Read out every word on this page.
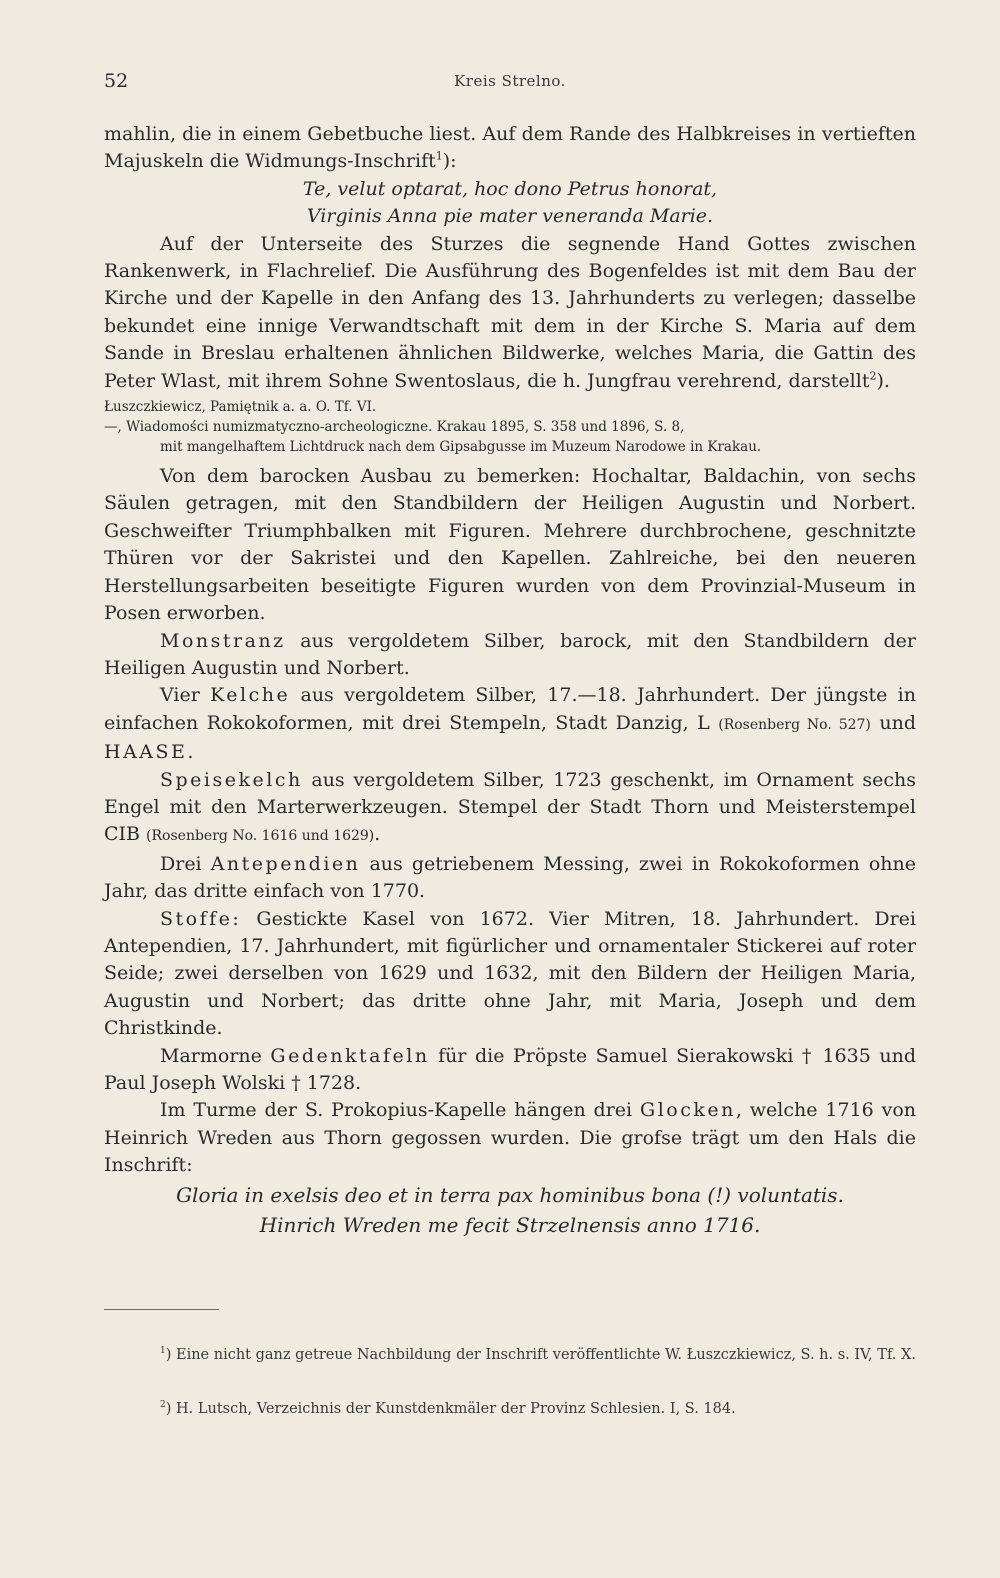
52	Kreis Strelno.

mahlin, die in einem Gebetbuche liest. Auf dem Rande des Halbkreises in vertieften Majuskeln die Widmungs-Inschrift$^1$):

Te, velut optarat, hoc dono Petrus honorat,

Virginis Anna pie mater veneranda Marie.

Auf der Unterseite des Sturzes die segnende Hand Gottes zwischen Rankenwerk, in Flachrelief. Die Ausführung des Bogenfeldes ist mit dem Bau der Kirche und der Kapelle in den Anfang des 13. Jahrhunderts zu verlegen; dasselbe bekundet eine innige Verwandtschaft mit dem in der Kirche S. Maria auf dem Sande in Breslau erhaltenen ähnlichen Bildwerke, welches Maria, die Gattin des Peter Wlast, mit ihrem Sohne Swentoslaus, die h. Jungfrau verehrend, darstellt$^2$).

Łuszczkiewicz, Pamiętnik a. a. O. Tf. VI.

—, Wiadomości numizmatyczno-archeologiczne. Krakau 1895, S. 358 und 1896, S. 8,
mit mangelhaftem Lichtdruck nach dem Gipsabgusse im Muzeum Narodowe in Krakau.

Von dem barocken Ausbau zu bemerken: Hochaltar, Baldachin, von sechs Säulen getragen, mit den Standbildern der Heiligen Augustin und Norbert. Geschweifter Triumphbalken mit Figuren. Mehrere durchbrochene, geschnitzte Thüren vor der Sakristei und den Kapellen. Zahlreiche, bei den neueren Herstellungsarbeiten beseitigte Figuren wurden von dem Provinzial-Museum in Posen erworben.

Monstranz aus vergoldetem Silber, barock, mit den Standbildern der Heiligen Augustin und Norbert.

Vier Kelche aus vergoldetem Silber, 17.—18. Jahrhundert. Der jüngste in einfachen Rokokoformen, mit drei Stempeln, Stadt Danzig, L (Rosenberg No. 527) und HAASE.

Speisekelch aus vergoldetem Silber, 1723 geschenkt, im Ornament sechs Engel mit den Marterwerkzeugen. Stempel der Stadt Thorn und Meisterstempel CIB (Rosenberg No. 1616 und 1629).

Drei Antependien aus getriebenem Messing, zwei in Rokokoformen ohne Jahr, das dritte einfach von 1770.

Stoffe: Gestickte Kasel von 1672. Vier Mitren, 18. Jahrhundert. Drei Antependien, 17. Jahrhundert, mit figürlicher und ornamentaler Stickerei auf roter Seide; zwei derselben von 1629 und 1632, mit den Bildern der Heiligen Maria, Augustin und Norbert; das dritte ohne Jahr, mit Maria, Joseph und dem Christkinde.

Marmorne Gedenktafeln für die Pröpste Samuel Sierakowski † 1635 und Paul Joseph Wolski † 1728.

Im Turme der S. Prokopius-Kapelle hängen drei Glocken, welche 1716 von Heinrich Wreden aus Thorn gegossen wurden. Die grofse trägt um den Hals die Inschrift:

Gloria in exelsis deo et in terra pax hominibus bona (!) voluntatis.

Hinrich Wreden me fecit Strzelnensis anno 1716.

$^1$) Eine nicht ganz getreue Nachbildung der Inschrift veröffentlichte W. Łuszczkiewicz, S. h. s. IV, Tf. X.

$^2$) H. Lutsch, Verzeichnis der Kunstdenkmäler der Provinz Schlesien. I, S. 184.
